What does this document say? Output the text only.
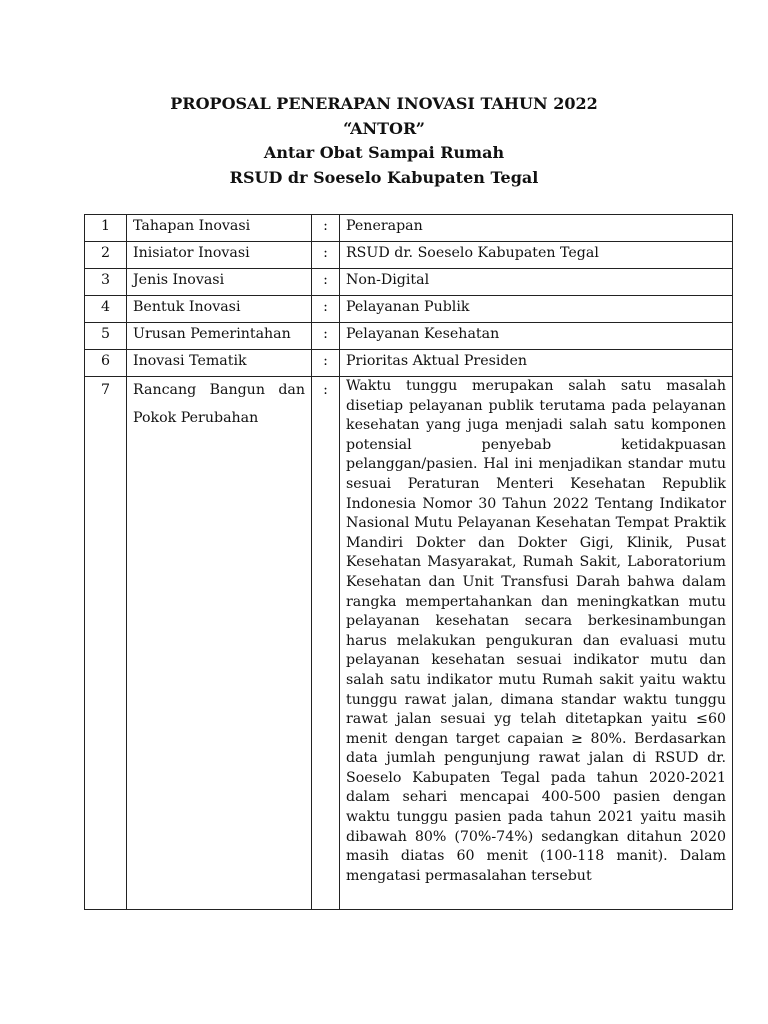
PROPOSAL PENERAPAN INOVASI TAHUN 2022

“ANTOR”

Antar Obat Sampai Rumah

RSUD dr Soeselo Kabupaten Tegal

1	Tahapan Inovasi	:	Penerapan
2	Inisiator Inovasi	:	RSUD dr. Soeselo Kabupaten Tegal
3	Jenis Inovasi	:	Non-Digital
4	Bentuk Inovasi	:	Pelayanan Publik
5	Urusan Pemerintahan	:	Pelayanan Kesehatan
6	Inovasi Tematik	:	Prioritas Aktual Presiden
7	Rancang Bangun dan Pokok Perubahan	:	Waktu tunggu merupakan salah satu masalah disetiap pelayanan publik terutama pada pelayanan kesehatan yang juga menjadi salah satu komponen potensial penyebab ketidakpuasan pelanggan/pasien. Hal ini menjadikan standar mutu sesuai Peraturan Menteri Kesehatan Republik Indonesia Nomor 30 Tahun 2022 Tentang Indikator Nasional Mutu Pelayanan Kesehatan Tempat Praktik Mandiri Dokter dan Dokter Gigi, Klinik, Pusat Kesehatan Masyarakat, Rumah Sakit, Laboratorium Kesehatan dan Unit Transfusi Darah bahwa dalam rangka mempertahankan dan meningkatkan mutu pelayanan kesehatan secara berkesinambungan harus melakukan pengukuran dan evaluasi mutu pelayanan kesehatan sesuai indikator mutu dan salah satu indikator mutu Rumah sakit yaitu waktu tunggu rawat jalan, dimana standar waktu tunggu rawat jalan sesuai yg telah ditetapkan yaitu ≤60 menit dengan target capaian ≥ 80%. Berdasarkan data jumlah pengunjung rawat jalan di RSUD dr. Soeselo Kabupaten Tegal pada tahun 2020-2021 dalam sehari mencapai 400-500 pasien dengan waktu tunggu pasien pada tahun 2021 yaitu masih dibawah 80% (70%-74%) sedangkan ditahun 2020 masih diatas 60 menit (100-118 manit). Dalam mengatasi permasalahan tersebut
